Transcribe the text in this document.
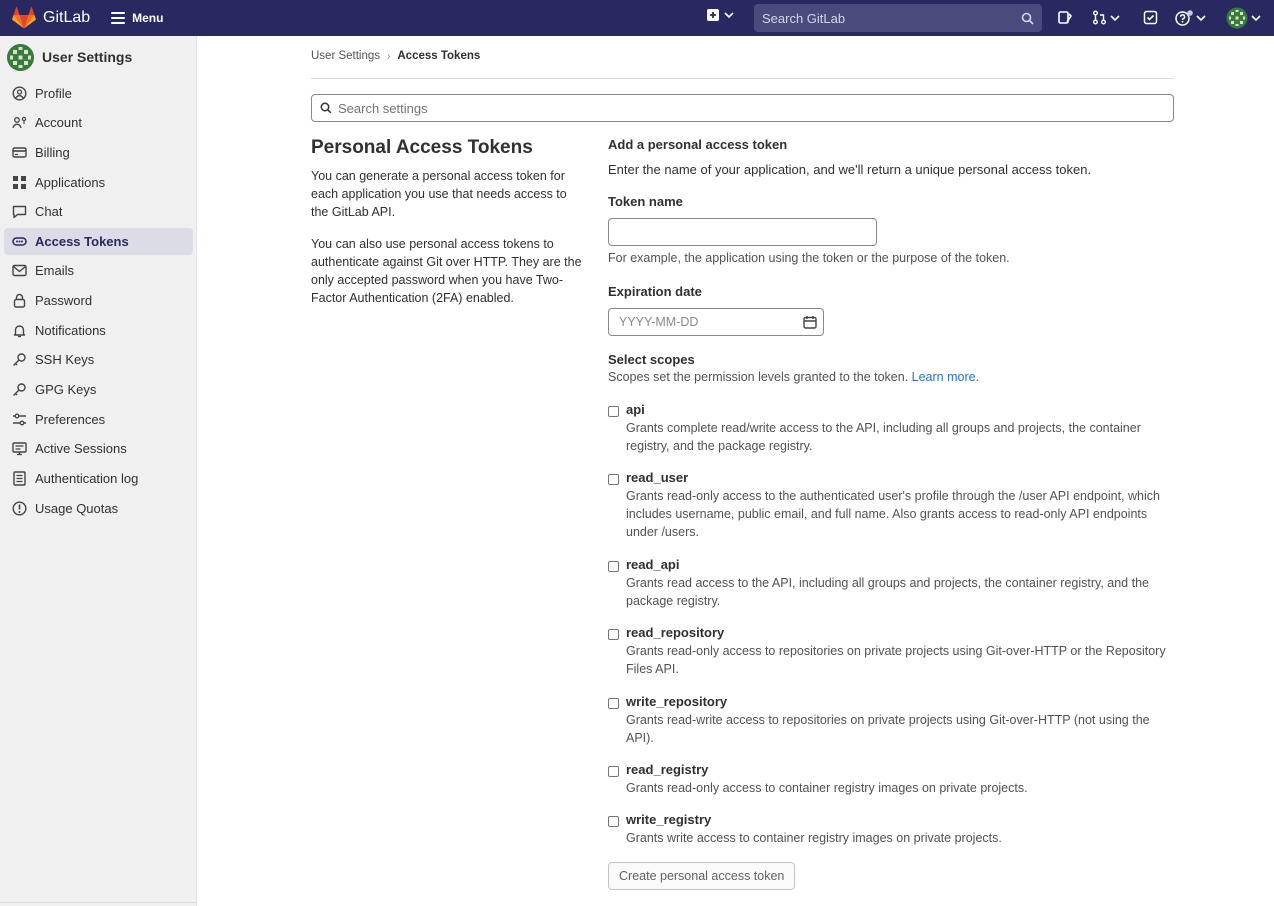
GitLab	Menu	Search GitLab
User Settings
Profile
Account
Billing
Applications
Chat
Access Tokens
Emails
Password
Notifications
SSH Keys
GPG Keys
Preferences
Active Sessions
Authentication log
Usage Quotas
User Settings › Access Tokens
Search settings
Personal Access Tokens

You can generate a personal access token for each application you use that needs access to the GitLab API.

You can also use personal access tokens to authenticate against Git over HTTP. They are the only accepted password when you have Two-Factor Authentication (2FA) enabled.

Add a personal access token
Enter the name of your application, and we'll return a unique personal access token.
Token name
For example, the application using the token or the purpose of the token.
Expiration date
YYYY-MM-DD
Select scopes
Scopes set the permission levels granted to the token. Learn more.
api
Grants complete read/write access to the API, including all groups and projects, the container registry, and the package registry.
read_user
Grants read-only access to the authenticated user's profile through the /user API endpoint, which includes username, public email, and full name. Also grants access to read-only API endpoints under /users.
read_api
Grants read access to the API, including all groups and projects, the container registry, and the package registry.
read_repository
Grants read-only access to repositories on private projects using Git-over-HTTP or the Repository Files API.
write_repository
Grants read-write access to repositories on private projects using Git-over-HTTP (not using the API).
read_registry
Grants read-only access to container registry images on private projects.
write_registry
Grants write access to container registry images on private projects.
Create personal access token
